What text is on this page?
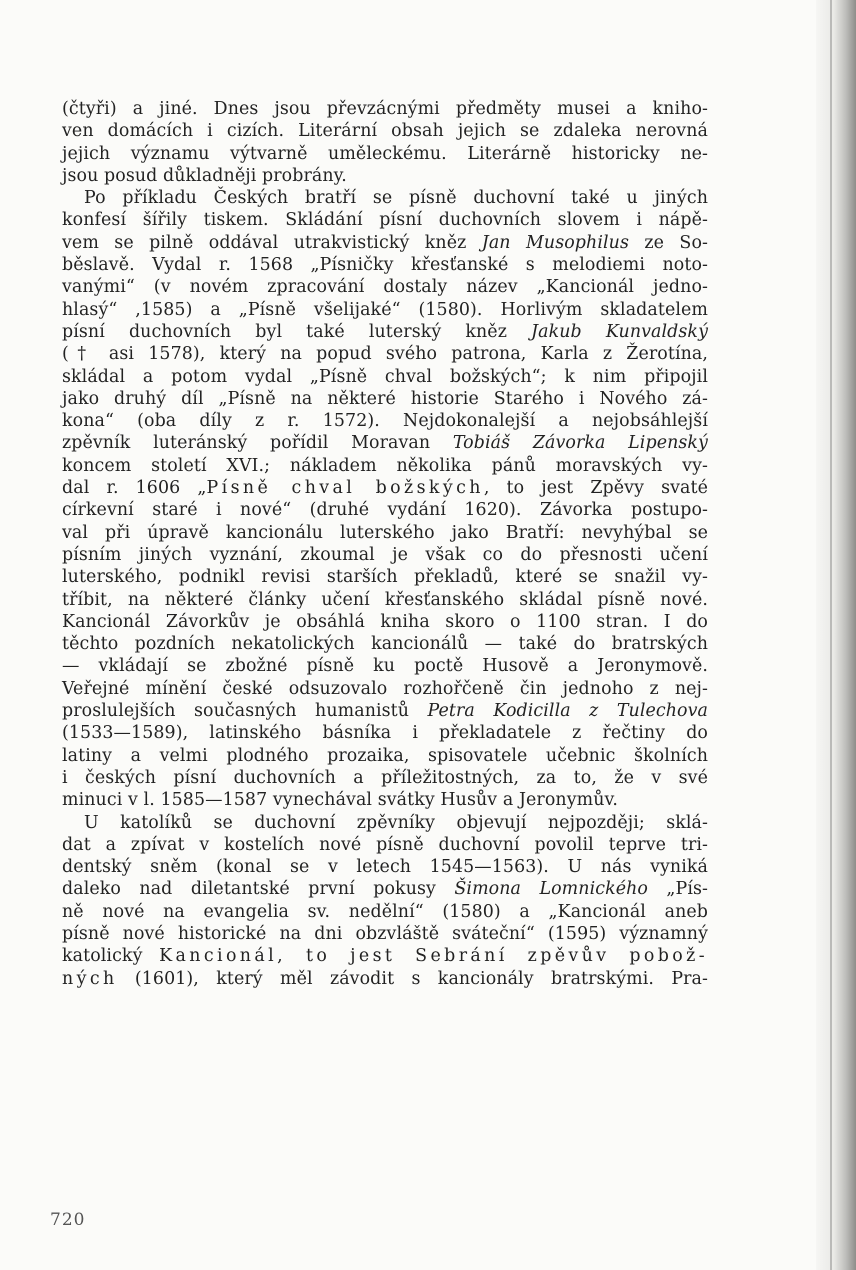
(čtyři) a jiné. Dnes jsou převzácnými předměty musei a kniho-
ven domácích i cizích. Literární obsah jejich se zdaleka nerovná
jejich významu výtvarně uměleckému. Literárně historicky ne-
jsou posud důkladněji probrány.
Po příkladu Českých bratří se písně duchovní také u jiných
konfesí šířily tiskem. Skládání písní duchovních slovem i nápě-
vem se pilně oddával utrakvistický kněz Jan Musophilus ze So-
běslavě. Vydal r. 1568 „Písničky křesťanské s melodiemi noto-
vanými“ (v novém zpracování dostaly název „Kancionál jedno-
hlasý“ ,1585) a „Písně všelijaké“ (1580). Horlivým skladatelem
písní duchovních byl také luterský kněz Jakub Kunvaldský
(† asi 1578), který na popud svého patrona, Karla z Žerotína,
skládal a potom vydal „Písně chval božských“; k nim připojil
jako druhý díl „Písně na některé historie Starého i Nového zá-
kona“ (oba díly z r. 1572). Nejdokonalejší a nejobsáhlejší
zpěvník luteránský pořídil Moravan Tobiáš Závorka Lipenský
koncem století XVI.; nákladem několika pánů moravských vy-
dal r. 1606 „Písně chval božských, to jest Zpěvy svaté
církevní staré i nové“ (druhé vydání 1620). Závorka postupo-
val při úpravě kancionálu luterského jako Bratří: nevyhýbal se
písním jiných vyznání, zkoumal je však co do přesnosti učení
luterského, podnikl revisi starších překladů, které se snažil vy-
tříbit, na některé články učení křesťanského skládal písně nové.
Kancionál Závorkův je obsáhlá kniha skoro o 1100 stran. I do
těchto pozdních nekatolických kancionálů — také do bratrských
— vkládají se zbožné písně ku poctě Husově a Jeronymově.
Veřejné mínění české odsuzovalo rozhořčeně čin jednoho z nej-
proslulejších současných humanistů Petra Kodicilla z Tulechova
(1533—1589), latinského básníka i překladatele z řečtiny do
latiny a velmi plodného prozaika, spisovatele učebnic školních
i českých písní duchovních a příležitostných, za to, že v své
minuci v l. 1585—1587 vynechával svátky Husův a Jeronymův.
U katolíků se duchovní zpěvníky objevují nejpozději; sklá-
dat a zpívat v kostelích nové písně duchovní povolil teprve tri-
dentský sněm (konal se v letech 1545—1563). U nás vyniká
daleko nad diletantské první pokusy Šimona Lomnického „Pís-
ně nové na evangelia sv. nedělní“ (1580) a „Kancionál aneb
písně nové historické na dni obzvláště sváteční“ (1595) významný
katolický Kancionál, to jest Sebrání zpěvův pobož-
ných (1601), který měl závodit s kancionály bratrskými. Pra-
720
